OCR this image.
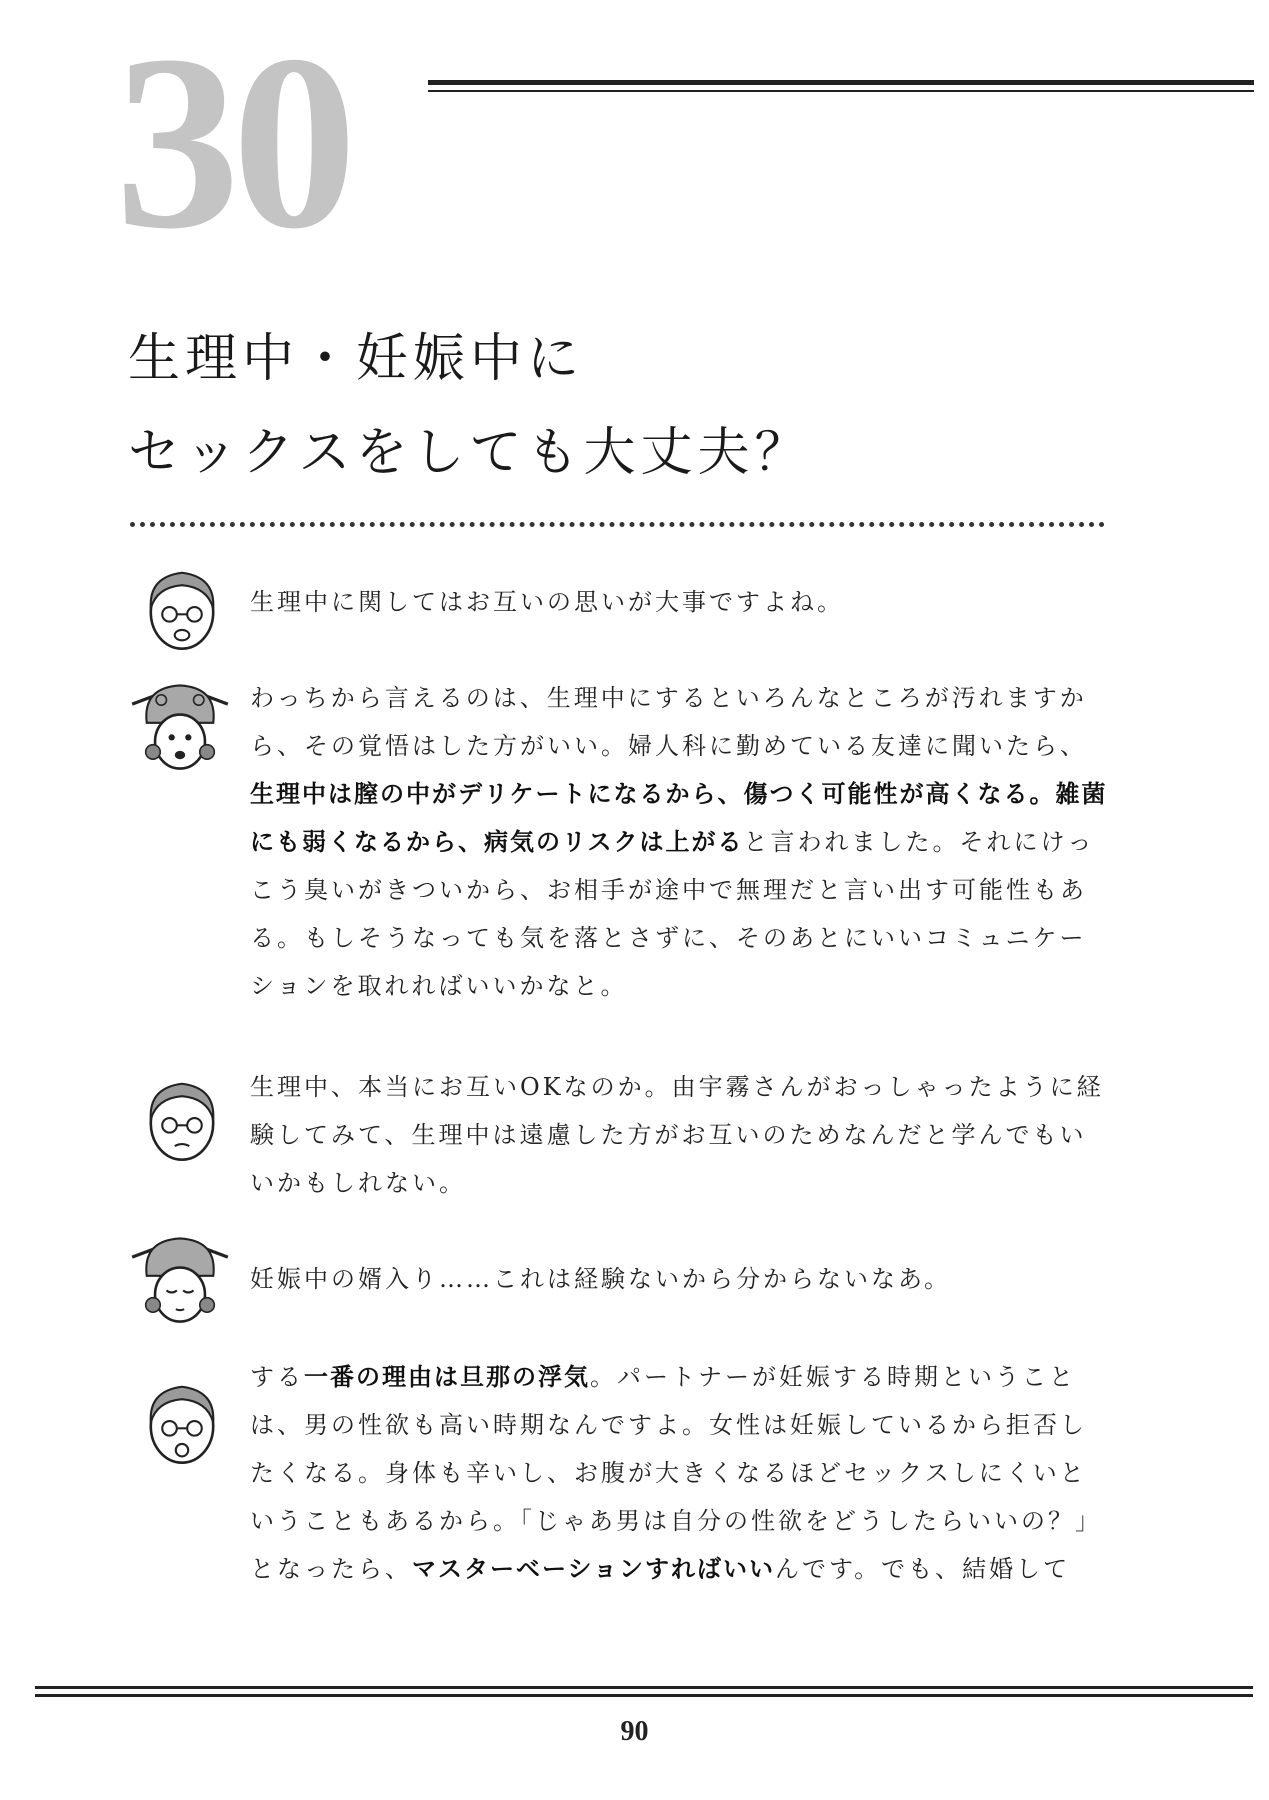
30
生理中・妊娠中に
セックスをしても大丈夫？

生理中に関してはお互いの思いが大事ですよね。

わっちから言えるのは、生理中にするといろんなところが汚れますから、その覚悟はした方がいい。婦人科に勤めている友達に聞いたら、生理中は膣の中がデリケートになるから、傷つく可能性が高くなる。雑菌にも弱くなるから、病気のリスクは上がると言われました。それにけっこう臭いがきついから、お相手が途中で無理だと言い出す可能性もある。もしそうなっても気を落とさずに、そのあとにいいコミュニケーションを取れればいいかなと。

生理中、本当にお互いOKなのか。由宇霧さんがおっしゃったように経験してみて、生理中は遠慮した方がお互いのためなんだと学んでもいいかもしれない。

妊娠中の婿入り……これは経験ないから分からないなあ。

する一番の理由は旦那の浮気。パートナーが妊娠する時期ということは、男の性欲も高い時期なんですよ。女性は妊娠しているから拒否したくなる。身体も辛いし、お腹が大きくなるほどセックスしにくいということもあるから。「じゃあ男は自分の性欲をどうしたらいいの？」となったら、マスターベーションすればいいんです。でも、結婚して

90
